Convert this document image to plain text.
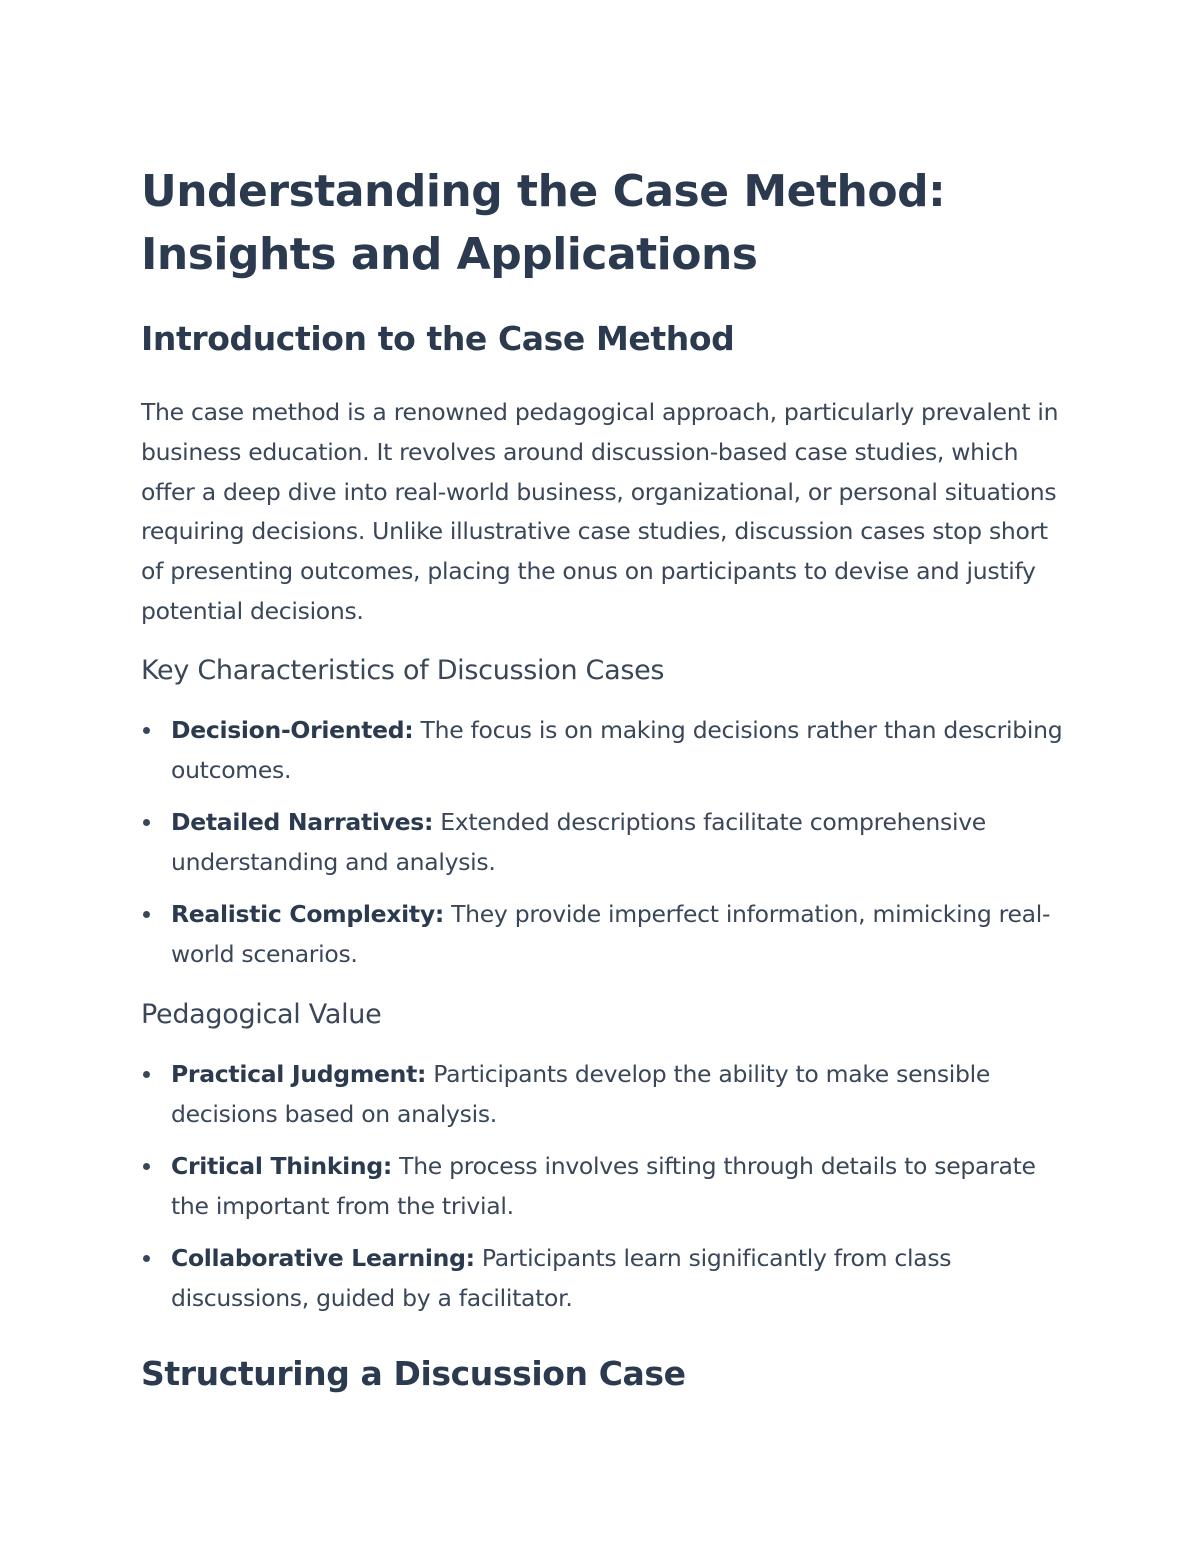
Understanding the Case Method:
Insights and Applications
Introduction to the Case Method

The case method is a renowned pedagogical approach, particularly prevalent in business education. It revolves around discussion-based case studies, which offer a deep dive into real-world business, organizational, or personal situations requiring decisions. Unlike illustrative case studies, discussion cases stop short of presenting outcomes, placing the onus on participants to devise and justify potential decisions.

Key Characteristics of Discussion Cases
Decision-Oriented: The focus is on making decisions rather than describing outcomes.
Detailed Narratives: Extended descriptions facilitate comprehensive understanding and analysis.
Realistic Complexity: They provide imperfect information, mimicking real-world scenarios.
Pedagogical Value
Practical Judgment: Participants develop the ability to make sensible decisions based on analysis.
Critical Thinking: The process involves sifting through details to separate the important from the trivial.
Collaborative Learning: Participants learn significantly from class discussions, guided by a facilitator.
Structuring a Discussion Case
